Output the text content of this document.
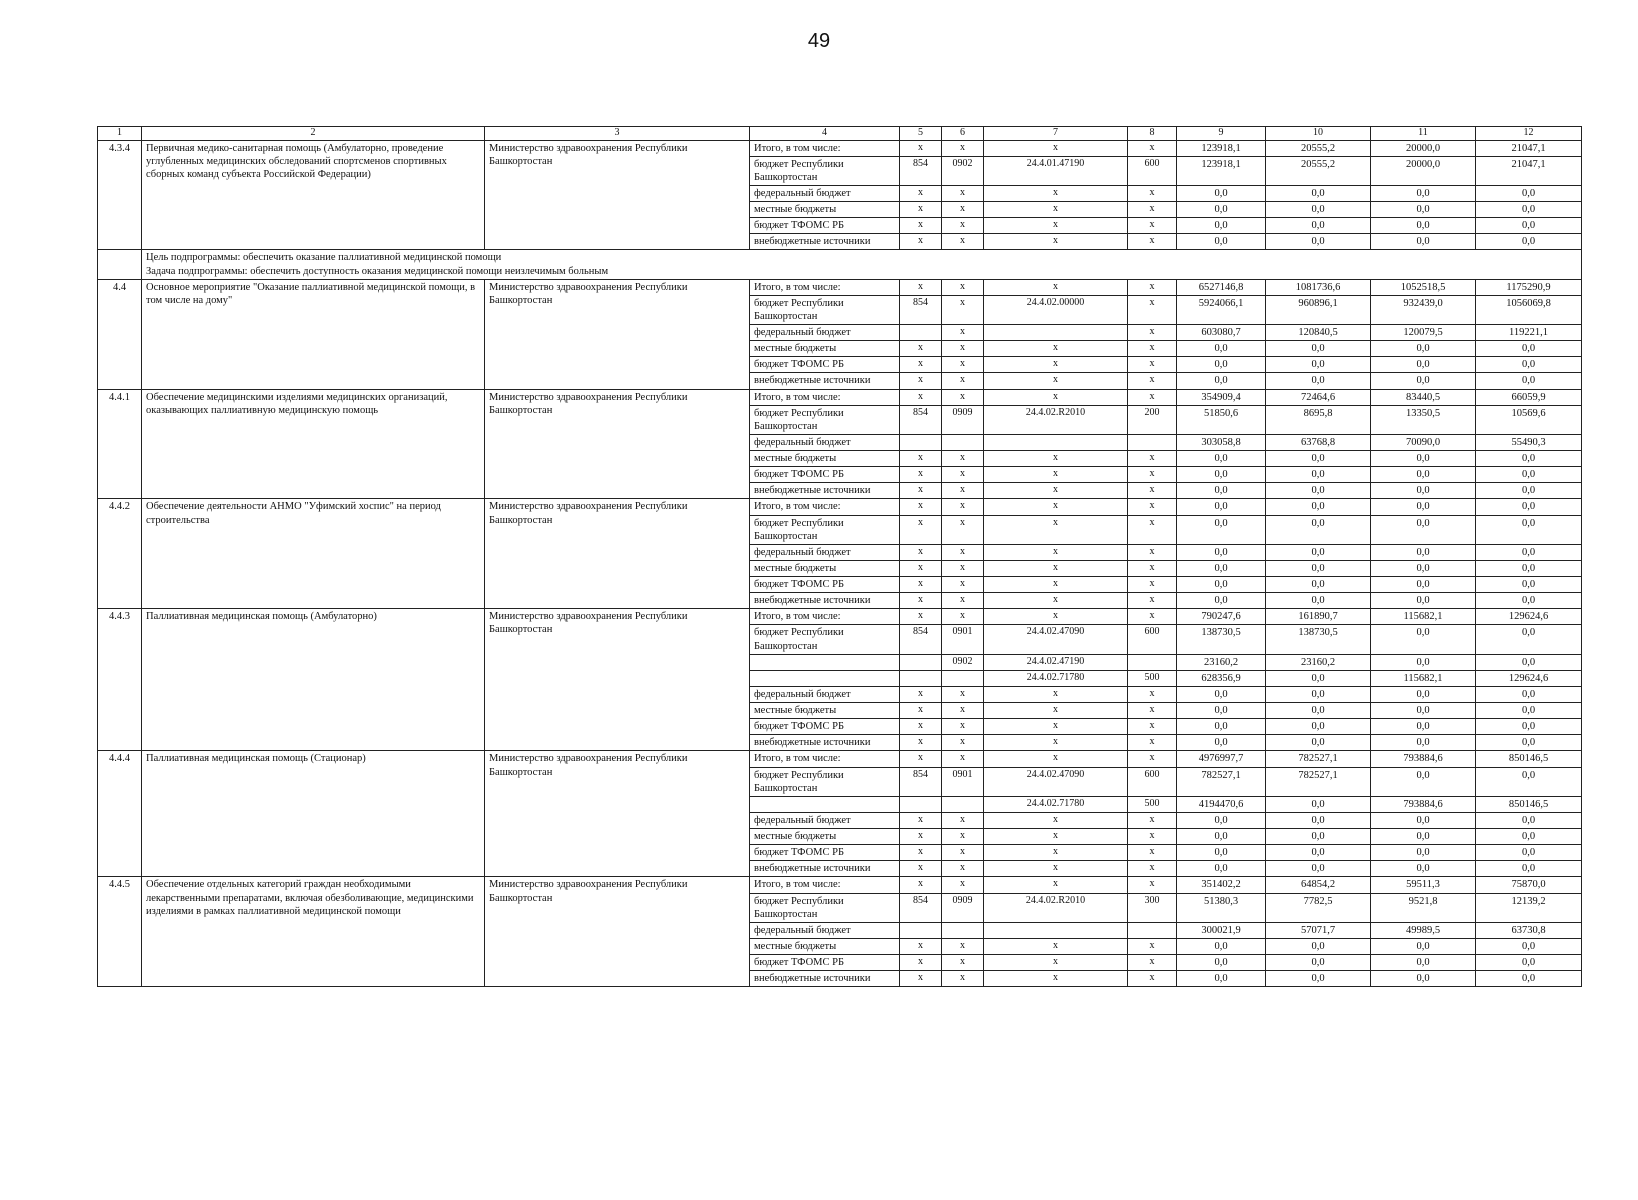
49
1	2	3	4	5	6	7	8	9	10	11	12
4.3.4	Первичная медико-санитарная помощь (Амбулаторно, проведение углубленных медицинских обследований спортсменов спортивных сборных команд субъекта Российской Федерации)	Министерство здравоохранения Республики Башкортостан	Итого, в том числе:	x	x	x	x	123918,1	20555,2	20000,0	21047,1
			бюджет Республики Башкортостан	854	0902	24.4.01.47190	600	123918,1	20555,2	20000,0	21047,1
			федеральный бюджет	x	x	x	x	0,0	0,0	0,0	0,0
			местные бюджеты	x	x	x	x	0,0	0,0	0,0	0,0
			бюджет ТФОМС РБ	x	x	x	x	0,0	0,0	0,0	0,0
			внебюджетные источники	x	x	x	x	0,0	0,0	0,0	0,0

	Цель подпрограммы: обеспечить оказание паллиативной медицинской помощи
Задача подпрограммы: обеспечить доступность оказания медицинской помощи неизлечимым больным										

4.4	Основное мероприятие "Оказание паллиативной медицинской помощи, в том числе на дому"	Министерство здравоохранения Республики Башкортостан	Итого, в том числе:	x	x	x	x	6527146,8	1081736,6	1052518,5	1175290,9
			бюджет Республики Башкортостан	854	x	24.4.02.00000	x	5924066,1	960896,1	932439,0	1056069,8
			федеральный бюджет		x		x	603080,7	120840,5	120079,5	119221,1
			местные бюджеты	x	x	x	x	0,0	0,0	0,0	0,0
			бюджет ТФОМС РБ	x	x	x	x	0,0	0,0	0,0	0,0
			внебюджетные источники	x	x	x	x	0,0	0,0	0,0	0,0
4.4.1	Обеспечение медицинскими изделиями медицинских организаций, оказывающих паллиативную медицинскую помощь	Министерство здравоохранения Республики Башкортостан	Итого, в том числе:	x	x	x	x	354909,4	72464,6	83440,5	66059,9
			бюджет Республики Башкортостан	854	0909	24.4.02.R2010	200	51850,6	8695,8	13350,5	10569,6
			федеральный бюджет					303058,8	63768,8	70090,0	55490,3
			местные бюджеты	x	x	x	x	0,0	0,0	0,0	0,0
			бюджет ТФОМС РБ	x	x	x	x	0,0	0,0	0,0	0,0
			внебюджетные источники	x	x	x	x	0,0	0,0	0,0	0,0
4.4.2	Обеспечение деятельности АНМО "Уфимский хоспис" на период строительства	Министерство здравоохранения Республики Башкортостан	Итого, в том числе:	x	x	x	x	0,0	0,0	0,0	0,0
			бюджет Республики Башкортостан	x	x	x	x	0,0	0,0	0,0	0,0
			федеральный бюджет	x	x	x	x	0,0	0,0	0,0	0,0
			местные бюджеты	x	x	x	x	0,0	0,0	0,0	0,0
			бюджет ТФОМС РБ	x	x	x	x	0,0	0,0	0,0	0,0
			внебюджетные источники	x	x	x	x	0,0	0,0	0,0	0,0
4.4.3	Паллиативная медицинская помощь (Амбулаторно)	Министерство здравоохранения Республики Башкортостан	Итого, в том числе:	x	x	x	x	790247,6	161890,7	115682,1	129624,6
			бюджет Республики Башкортостан	854	0901	24.4.02.47090	600	138730,5	138730,5	0,0	0,0
					0902	24.4.02.47190		23160,2	23160,2	0,0	0,0
						24.4.02.71780	500	628356,9	0,0	115682,1	129624,6
			федеральный бюджет	x	x	x	x	0,0	0,0	0,0	0,0
			местные бюджеты	x	x	x	x	0,0	0,0	0,0	0,0
			бюджет ТФОМС РБ	x	x	x	x	0,0	0,0	0,0	0,0
			внебюджетные источники	x	x	x	x	0,0	0,0	0,0	0,0
4.4.4	Паллиативная медицинская помощь (Стационар)	Министерство здравоохранения Республики Башкортостан	Итого, в том числе:	x	x	x	x	4976997,7	782527,1	793884,6	850146,5
			бюджет Республики Башкортостан	854	0901	24.4.02.47090	600	782527,1	782527,1	0,0	0,0
						24.4.02.71780	500	4194470,6	0,0	793884,6	850146,5
			федеральный бюджет	x	x	x	x	0,0	0,0	0,0	0,0
			местные бюджеты	x	x	x	x	0,0	0,0	0,0	0,0
			бюджет ТФОМС РБ	x	x	x	x	0,0	0,0	0,0	0,0
			внебюджетные источники	x	x	x	x	0,0	0,0	0,0	0,0
4.4.5	Обеспечение отдельных категорий граждан необходимыми лекарственными препаратами, включая обезболивающие, медицинскими изделиями в рамках паллиативной медицинской помощи	Министерство здравоохранения Республики Башкортостан	Итого, в том числе:	x	x	x	x	351402,2	64854,2	59511,3	75870,0
			бюджет Республики Башкортостан	854	0909	24.4.02.R2010	300	51380,3	7782,5	9521,8	12139,2
			федеральный бюджет					300021,9	57071,7	49989,5	63730,8
			местные бюджеты	x	x	x	x	0,0	0,0	0,0	0,0
			бюджет ТФОМС РБ	x	x	x	x	0,0	0,0	0,0	0,0
			внебюджетные источники	x	x	x	x	0,0	0,0	0,0	0,0
